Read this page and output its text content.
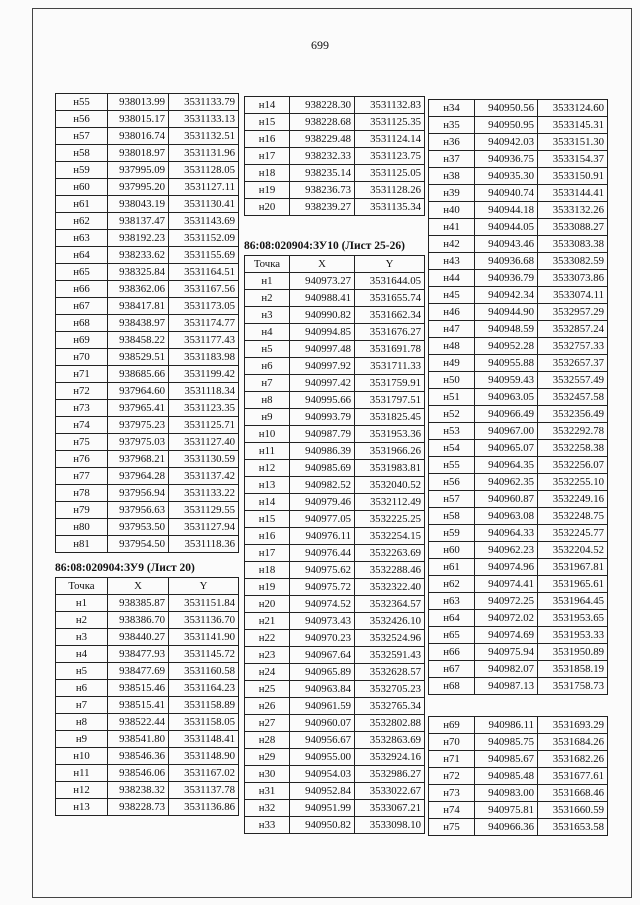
699
н55	938013.99	3531133.79
н56	938015.17	3531133.13
н57	938016.74	3531132.51
н58	938018.97	3531131.96
н59	937995.09	3531128.05
н60	937995.20	3531127.11
н61	938043.19	3531130.41
н62	938137.47	3531143.69
н63	938192.23	3531152.09
н64	938233.62	3531155.69
н65	938325.84	3531164.51
н66	938362.06	3531167.56
н67	938417.81	3531173.05
н68	938438.97	3531174.77
н69	938458.22	3531177.43
н70	938529.51	3531183.98
н71	938685.66	3531199.42
н72	937964.60	3531118.34
н73	937965.41	3531123.35
н74	937975.23	3531125.71
н75	937975.03	3531127.40
н76	937968.21	3531130.59
н77	937964.28	3531137.42
н78	937956.94	3531133.22
н79	937956.63	3531129.55
н80	937953.50	3531127.94
н81	937954.50	3531118.36
86:08:020904:ЗУ9 (Лист 20)
Точка	X	Y
н1	938385.87	3531151.84
н2	938386.70	3531136.70
н3	938440.27	3531141.90
н4	938477.93	3531145.72
н5	938477.69	3531160.58
н6	938515.46	3531164.23
н7	938515.41	3531158.89
н8	938522.44	3531158.05
н9	938541.80	3531148.41
н10	938546.36	3531148.90
н11	938546.06	3531167.02
н12	938238.32	3531137.78
н13	938228.73	3531136.86
н14	938228.30	3531132.83
н15	938228.68	3531125.35
н16	938229.48	3531124.14
н17	938232.33	3531123.75
н18	938235.14	3531125.05
н19	938236.73	3531128.26
н20	938239.27	3531135.34
86:08:020904:ЗУ10 (Лист 25-26)
Точка	X	Y
н1	940973.27	3531644.05
н2	940988.41	3531655.74
н3	940990.82	3531662.34
н4	940994.85	3531676.27
н5	940997.48	3531691.78
н6	940997.92	3531711.33
н7	940997.42	3531759.91
н8	940995.66	3531797.51
н9	940993.79	3531825.45
н10	940987.79	3531953.36
н11	940986.39	3531966.26
н12	940985.69	3531983.81
н13	940982.52	3532040.52
н14	940979.46	3532112.49
н15	940977.05	3532225.25
н16	940976.11	3532254.15
н17	940976.44	3532263.69
н18	940975.62	3532288.46
н19	940975.72	3532322.40
н20	940974.52	3532364.57
н21	940973.43	3532426.10
н22	940970.23	3532524.96
н23	940967.64	3532591.43
н24	940965.89	3532628.57
н25	940963.84	3532705.23
н26	940961.59	3532765.34
н27	940960.07	3532802.88
н28	940956.67	3532863.69
н29	940955.00	3532924.16
н30	940954.03	3532986.27
н31	940952.84	3533022.67
н32	940951.99	3533067.21
н33	940950.82	3533098.10
н34	940950.56	3533124.60
н35	940950.95	3533145.31
н36	940942.03	3533151.30
н37	940936.75	3533154.37
н38	940935.30	3533150.91
н39	940940.74	3533144.41
н40	940944.18	3533132.26
н41	940944.05	3533088.27
н42	940943.46	3533083.38
н43	940936.68	3533082.59
н44	940936.79	3533073.86
н45	940942.34	3533074.11
н46	940944.90	3532957.29
н47	940948.59	3532857.24
н48	940952.28	3532757.33
н49	940955.88	3532657.37
н50	940959.43	3532557.49
н51	940963.05	3532457.58
н52	940966.49	3532356.49
н53	940967.00	3532292.78
н54	940965.07	3532258.38
н55	940964.35	3532256.07
н56	940962.35	3532255.10
н57	940960.87	3532249.16
н58	940963.08	3532248.75
н59	940964.33	3532245.77
н60	940962.23	3532204.52
н61	940974.96	3531967.81
н62	940974.41	3531965.61
н63	940972.25	3531964.45
н64	940972.02	3531953.65
н65	940974.69	3531953.33
н66	940975.94	3531950.89
н67	940982.07	3531858.19
н68	940987.13	3531758.73
н69	940986.11	3531693.29
н70	940985.75	3531684.26
н71	940985.67	3531682.26
н72	940985.48	3531677.61
н73	940983.00	3531668.46
н74	940975.81	3531660.59
н75	940966.36	3531653.58
